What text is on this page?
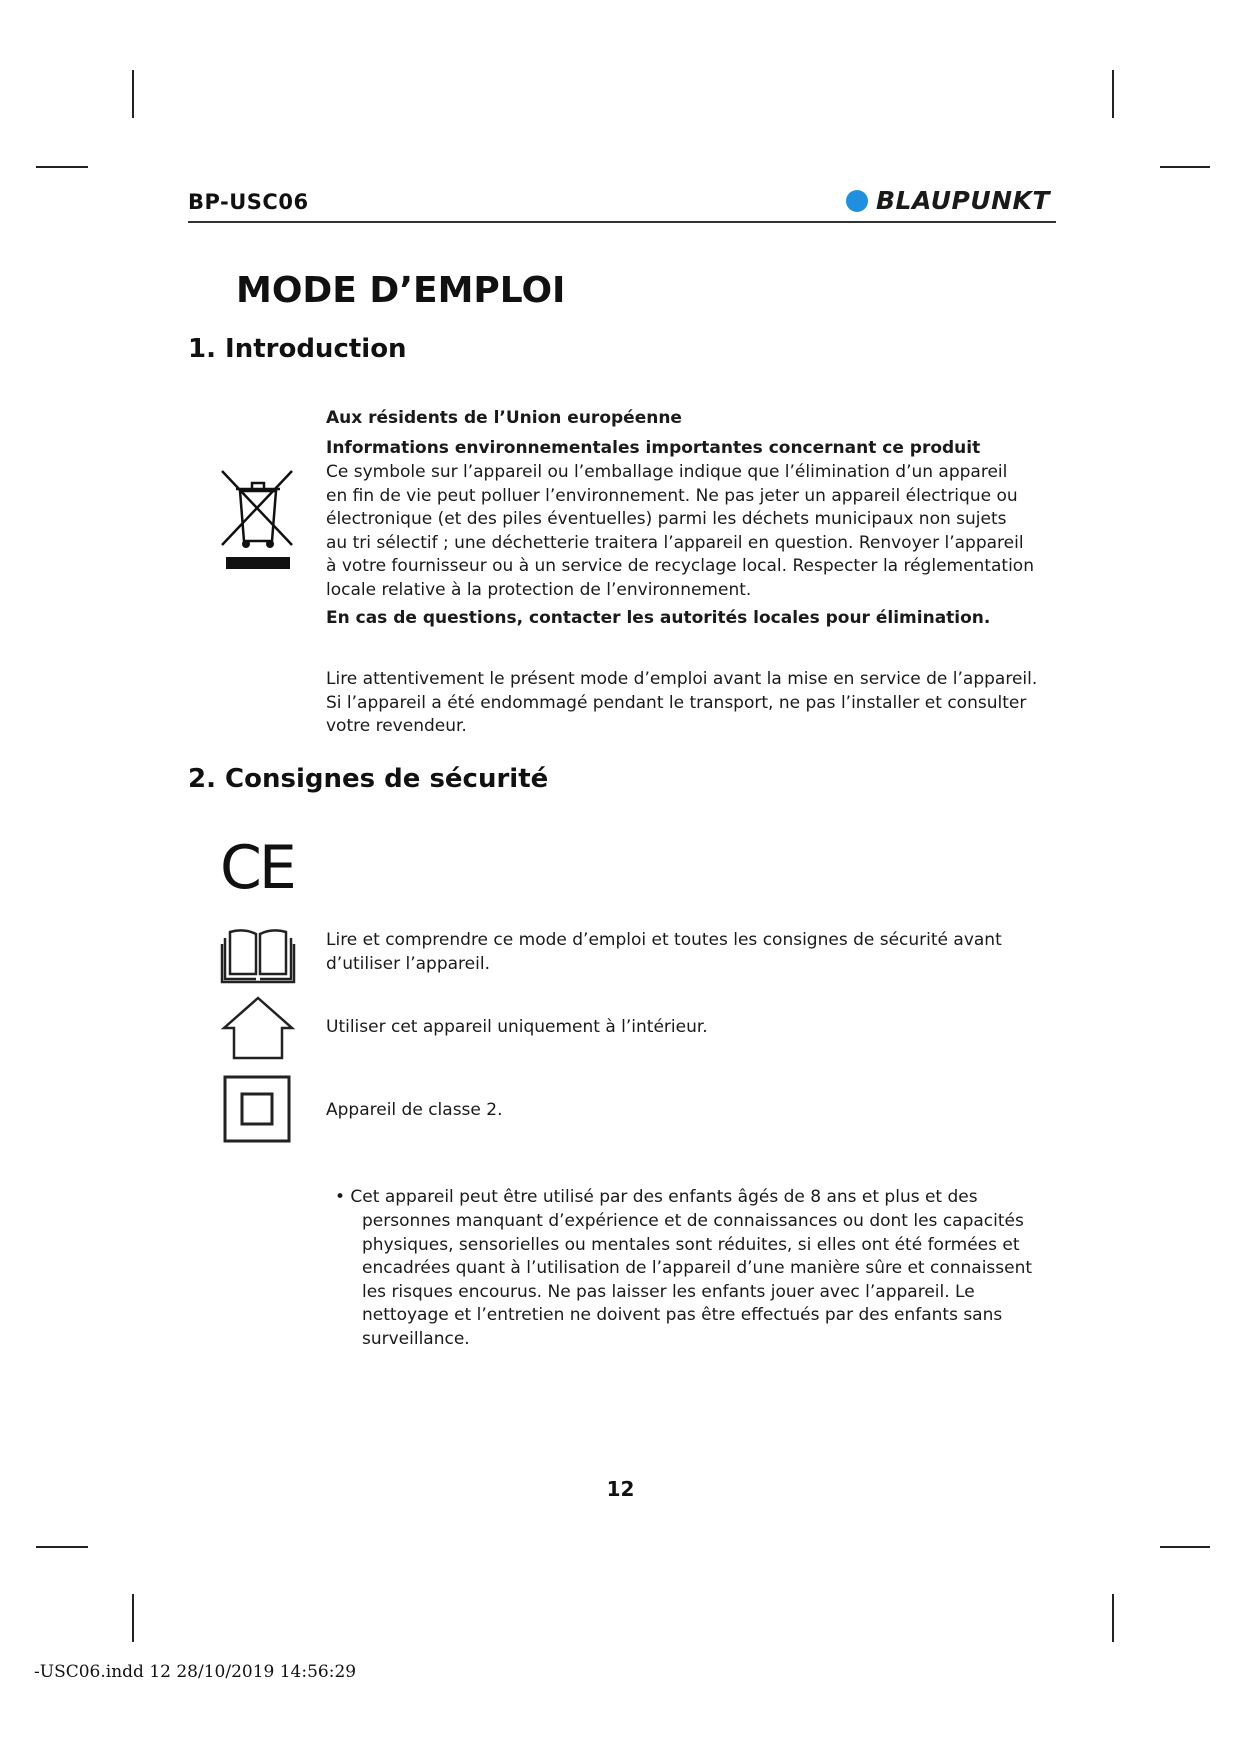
BP-USC06	BLAUPUNKT
MODE D’EMPLOI
1. Introduction
Aux résidents de l’Union européenne
Informations environnementales importantes concernant ce produit
Ce symbole sur l’appareil ou l’emballage indique que l’élimination d’un appareil
en fin de vie peut polluer l’environnement. Ne pas jeter un appareil électrique ou
électronique (et des piles éventuelles) parmi les déchets municipaux non sujets
au tri sélectif ; une déchetterie traitera l’appareil en question. Renvoyer l’appareil
à votre fournisseur ou à un service de recyclage local. Respecter la réglementation
locale relative à la protection de l’environnement.
En cas de questions, contacter les autorités locales pour élimination.
Lire attentivement le présent mode d’emploi avant la mise en service de l’appareil.
Si l’appareil a été endommagé pendant le transport, ne pas l’installer et consulter
votre revendeur.
2. Consignes de sécurité
CE
Lire et comprendre ce mode d’emploi et toutes les consignes de sécurité avant
d’utiliser l’appareil.
Utiliser cet appareil uniquement à l’intérieur.
Appareil de classe 2.
• Cet appareil peut être utilisé par des enfants âgés de 8 ans et plus et des
personnes manquant d’expérience et de connaissances ou dont les capacités
physiques, sensorielles ou mentales sont réduites, si elles ont été formées et
encadrées quant à l’utilisation de l’appareil d’une manière sûre et connaissent
les risques encourus. Ne pas laisser les enfants jouer avec l’appareil. Le
nettoyage et l’entretien ne doivent pas être effectués par des enfants sans
surveillance.
12
-USC06.indd 12 28/10/2019 14:56:29
